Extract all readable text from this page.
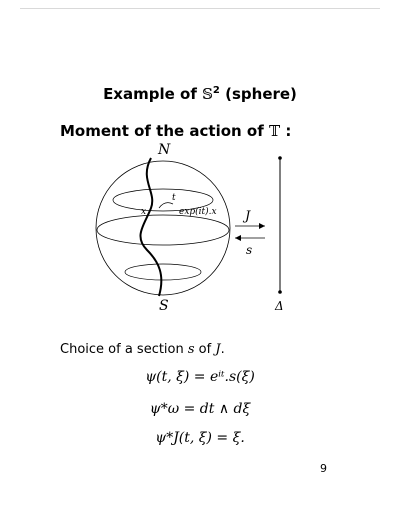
Example of 𝕊$^2$ (sphere)
Moment of the action of 𝕋 :
N
S
t
x	exp(it).x J
s
Δ
Choice of a section s of J.
ψ(t, ξ) = eⁱᵗ.s(ξ)
ψ*ω = dt ∧ dξ
ψ*J(t, ξ) = ξ.
9
